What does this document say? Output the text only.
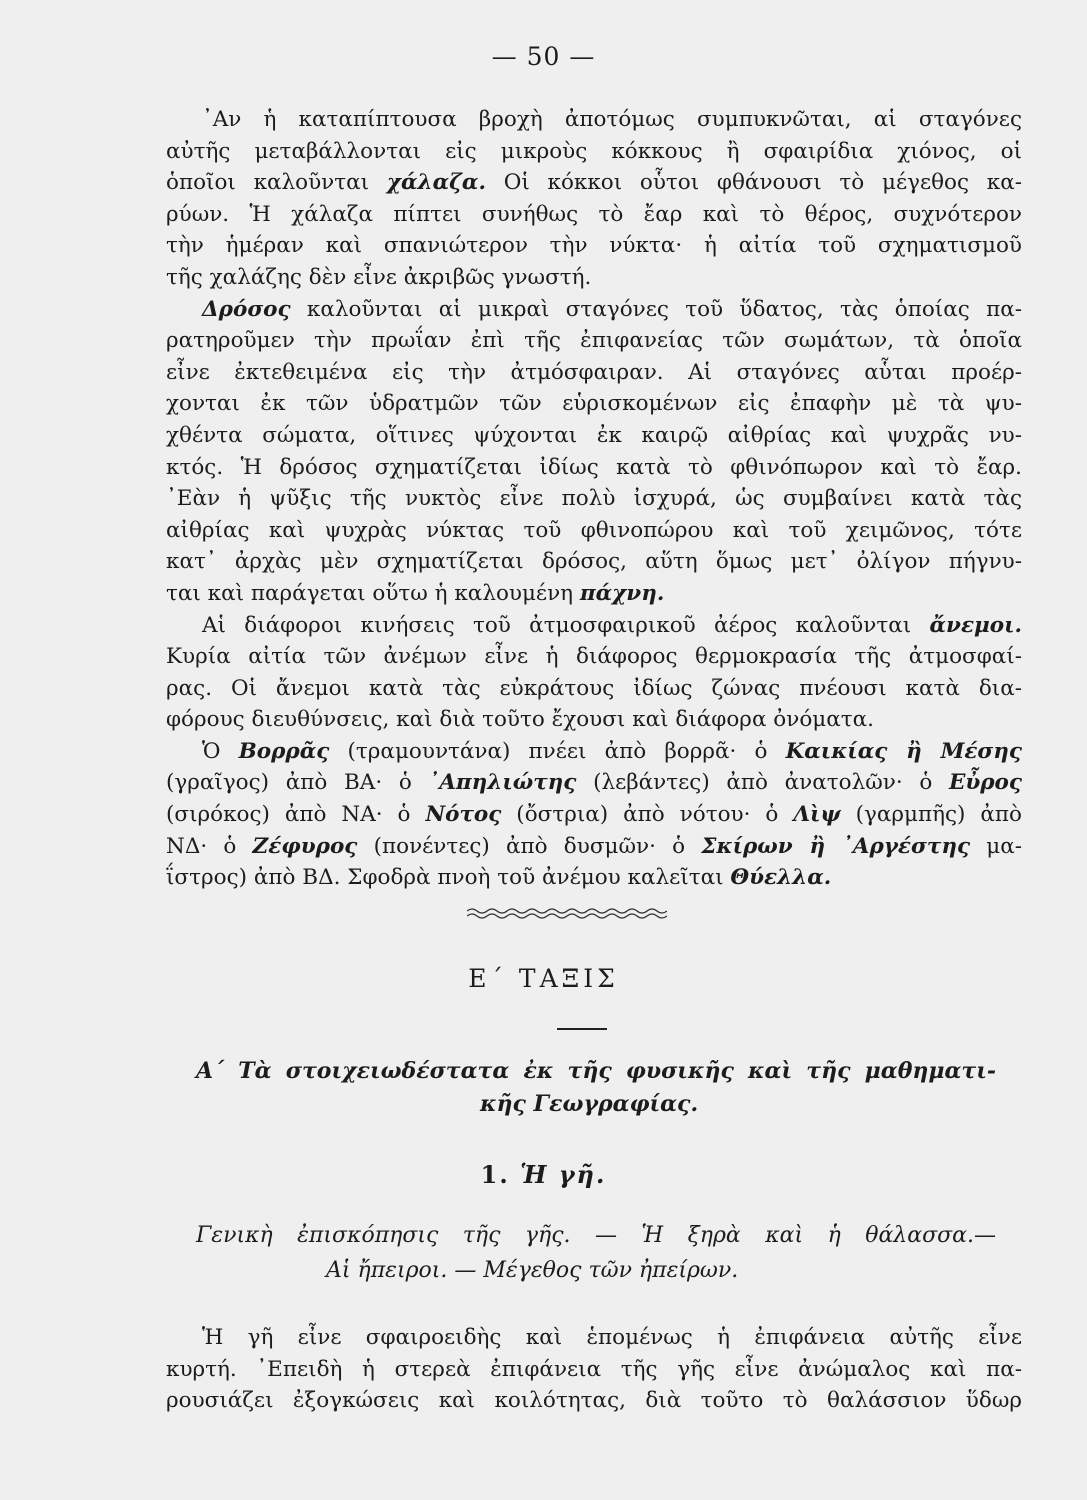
— 50 —
᾿Αν ἡ καταπίπτουσα βροχὴ ἀποτόμως συμπυκνῶται, αἱ σταγόνες
αὐτῆς μεταβάλλονται εἰς μικροὺς κόκκους ἢ σφαιρίδια χιόνος, οἱ
ὁποῖοι καλοῦνται χάλαζα. Οἱ κόκκοι οὗτοι φθάνουσι τὸ μέγεθος κα-
ρύων. Ἡ χάλαζα πίπτει συνήθως τὸ ἔαρ καὶ τὸ θέρος, συχνότερον
τὴν ἡμέραν καὶ σπανιώτερον τὴν νύκτα· ἡ αἰτία τοῦ σχηματισμοῦ
τῆς χαλάζης δὲν εἶνε ἀκριβῶς γνωστή.
Δρόσος καλοῦνται αἱ μικραὶ σταγόνες τοῦ ὕδατος, τὰς ὁποίας πα-
ρατηροῦμεν τὴν πρωΐαν ἐπὶ τῆς ἐπιφανείας τῶν σωμάτων, τὰ ὁποῖα
εἶνε ἐκτεθειμένα εἰς τὴν ἀτμόσφαιραν. Αἱ σταγόνες αὗται προέρ-
χονται ἐκ τῶν ὑδρατμῶν τῶν εὑρισκομένων εἰς ἐπαφὴν μὲ τὰ ψυ-
χθέντα σώματα, οἵτινες ψύχονται ἐκ καιρῷ αἰθρίας καὶ ψυχρᾶς νυ-
κτός. Ἡ δρόσος σχηματίζεται ἰδίως κατὰ τὸ φθινόπωρον καὶ τὸ ἔαρ.
᾿Εὰν ἡ ψῦξις τῆς νυκτὸς εἶνε πολὺ ἰσχυρά, ὡς συμβαίνει κατὰ τὰς
αἰθρίας καὶ ψυχρὰς νύκτας τοῦ φθινοπώρου καὶ τοῦ χειμῶνος, τότε
κατ᾿ ἀρχὰς μὲν σχηματίζεται δρόσος, αὕτη ὅμως μετ᾿ ὀλίγον πήγνυ-
ται καὶ παράγεται οὕτω ἡ καλουμένη πάχνη.
Αἱ διάφοροι κινήσεις τοῦ ἀτμοσφαιρικοῦ ἀέρος καλοῦνται ἄνεμοι.
Κυρία αἰτία τῶν ἀνέμων εἶνε ἡ διάφορος θερμοκρασία τῆς ἀτμοσφαί-
ρας. Οἱ ἄνεμοι κατὰ τὰς εὐκράτους ἰδίως ζώνας πνέουσι κατὰ δια-
φόρους διευθύνσεις, καὶ διὰ τοῦτο ἔχουσι καὶ διάφορα ὀνόματα.
Ὁ Βορρᾶς (τραμουντάνα) πνέει ἀπὸ βορρᾶ· ὁ Καικίας ἢ Μέσης
(γραῖγος) ἀπὸ ΒΑ· ὁ ᾿Απηλιώτης (λεβάντες) ἀπὸ ἀνατολῶν· ὁ Εὖρος
(σιρόκος) ἀπὸ ΝΑ· ὁ Νότος (ὄστρια) ἀπὸ νότου· ὁ Λὶψ (γαρμπῆς) ἀπὸ
ΝΔ· ὁ Ζέφυρος (πονέντες) ἀπὸ δυσμῶν· ὁ Σκίρων ἢ ᾿Αργέστης μα-
ΐστρος) ἀπὸ ΒΔ. Σφοδρὰ πνοὴ τοῦ ἀνέμου καλεῖται Θύελλα.
Ε΄ ΤΑΞΙΣ
Α΄ Τὰ στοιχειωδέστατα ἐκ τῆς φυσικῆς καὶ τῆς μαθηματι-
κῆς Γεωγραφίας.
1. Ἡ γῆ.
Γενικὴ ἐπισκόπησις τῆς γῆς. — Ἡ ξηρὰ καὶ ἡ θάλασσα.—
Αἱ ἤπειροι. — Μέγεθος τῶν ἠπείρων.
Ἡ γῆ εἶνε σφαιροειδὴς καὶ ἑπομένως ἡ ἐπιφάνεια αὐτῆς εἶνε
κυρτή. ᾿Επειδὴ ἡ στερεὰ ἐπιφάνεια τῆς γῆς εἶνε ἀνώμαλος καὶ πα-
ρουσιάζει ἐξογκώσεις καὶ κοιλότητας, διὰ τοῦτο τὸ θαλάσσιον ὕδωρ
